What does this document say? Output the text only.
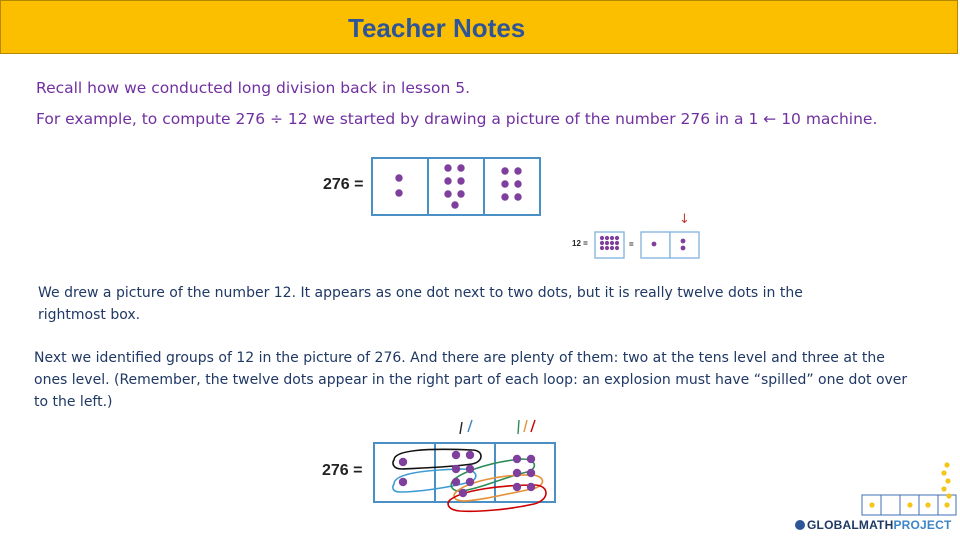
Teacher Notes
Recall how we conducted long division back in lesson 5.
For example, to compute 276 ÷ 12 we started by drawing a picture of the number 276 in a 1 ← 10 machine.
276 =
12 =	=
↓
We drew a picture of the number 12. It appears as one dot next to two dots, but it is really twelve dots in the
rightmost box.
Next we identified groups of 12 in the picture of 276. And there are plenty of them: two at the tens level and three at the
ones level. (Remember, the twelve dots appear in the right part of each loop: an explosion must have “spilled” one dot over
to the left.)
276 =
GLOBALMATHPROJECT
